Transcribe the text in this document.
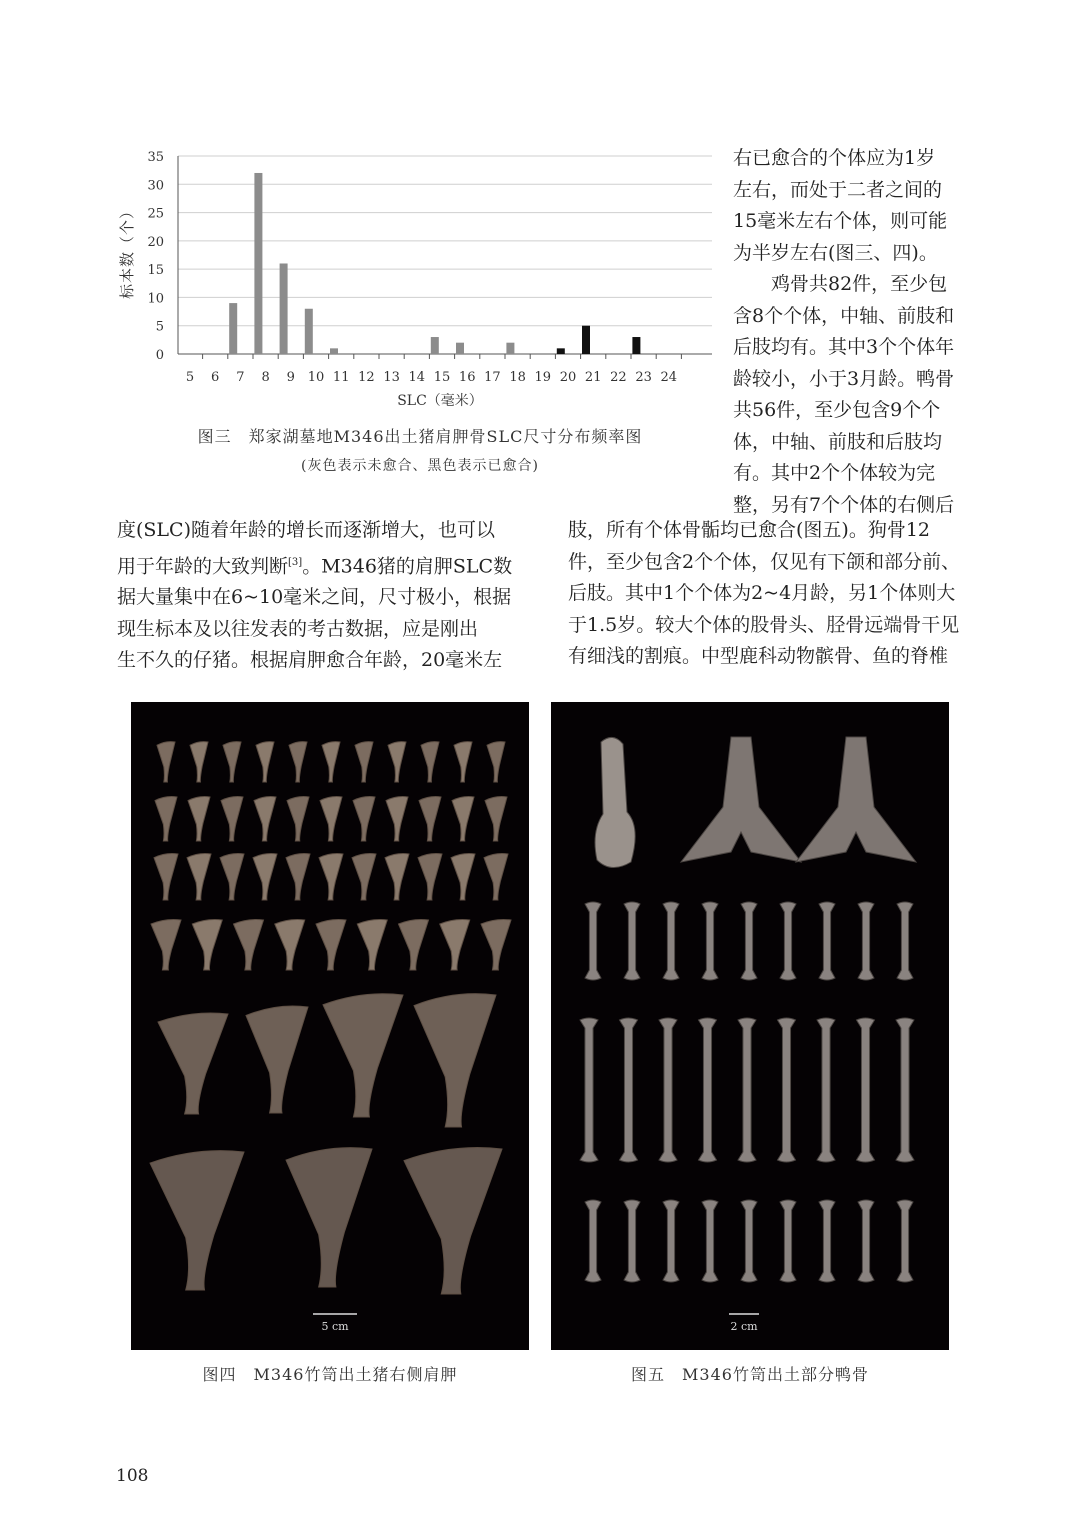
0
5
10
15
20
25
30
35
5 6 7 8 9 10 11 12 13 14 15 16 17 18 19 20 21 22 23 24
标本数（个）
SLC（毫米）
图三　郑家湖墓地M346出土猪肩胛骨SLC尺寸分布频率图
(灰色表示未愈合、黑色表示已愈合)
右已愈合的个体应为1岁
左右，而处于二者之间的
15毫米左右个体，则可能
为半岁左右(图三、四)。
　　鸡骨共82件，至少包
含8个个体，中轴、前肢和
后肢均有。其中3个个体年
龄较小，小于3月龄。鸭骨
共56件，至少包含9个个
体，中轴、前肢和后肢均
有。其中2个个体较为完
整，另有7个个体的右侧后
度(SLC)随着年龄的增长而逐渐增大，也可以
用于年龄的大致判断[3]。M346猪的肩胛SLC数
据大量集中在6~10毫米之间，尺寸极小，根据
现生标本及以往发表的考古数据，应是刚出
生不久的仔猪。根据肩胛愈合年龄，20毫米左
肢，所有个体骨骺均已愈合(图五)。狗骨12
件，至少包含2个个体，仅见有下颌和部分前、
后肢。其中1个个体为2~4月龄，另1个体则大
于1.5岁。较大个体的股骨头、胫骨远端骨干见
有细浅的割痕。中型鹿科动物髌骨、鱼的脊椎
5 cm
图四　M346竹笥出土猪右侧肩胛
2 cm
图五　M346竹笥出土部分鸭骨
108
